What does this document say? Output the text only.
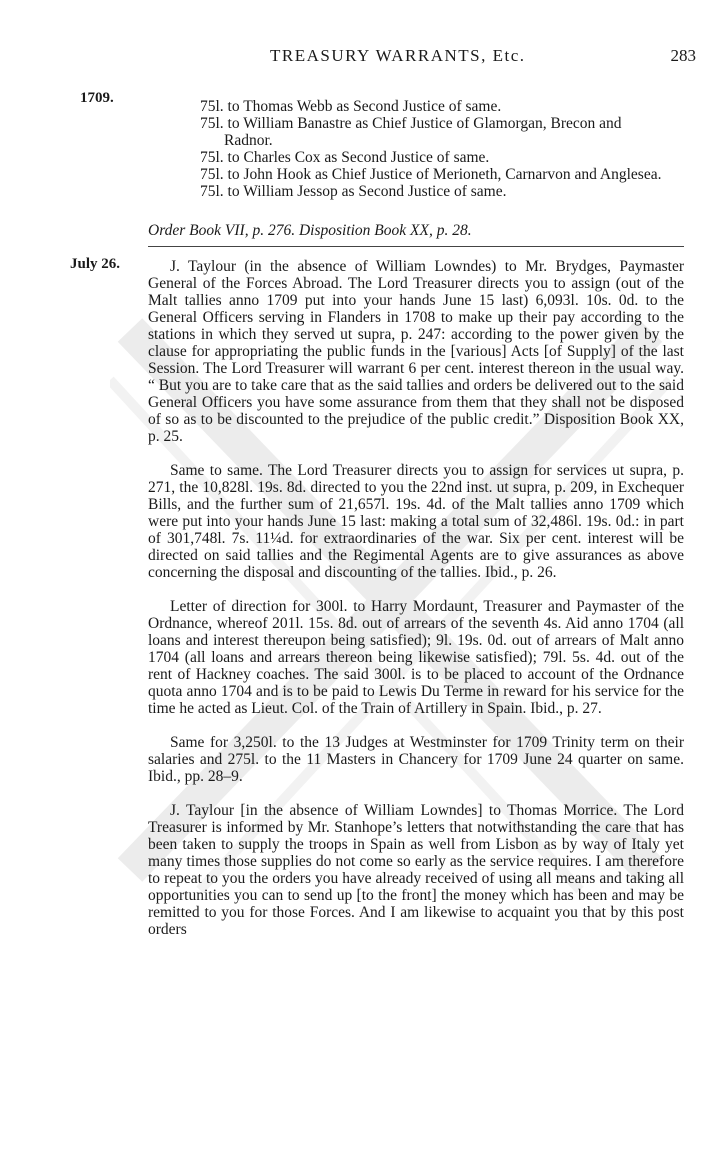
TREASURY WARRANTS, Etc.	283
1709.	75l. to Thomas Webb as Second Justice of same.
75l. to William Banastre as Chief Justice of Glamorgan, Brecon and Radnor.
75l. to Charles Cox as Second Justice of same.
75l. to John Hook as Chief Justice of Merioneth, Carnarvon and Anglesea.
75l. to William Jessop as Second Justice of same.
Order Book VII, p. 276. Disposition Book XX, p. 28.
July 26.	J. Taylour (in the absence of William Lowndes) to Mr. Brydges, Paymaster General of the Forces Abroad. The Lord Treasurer directs you to assign (out of the Malt tallies anno 1709 put into your hands June 15 last) 6,093l. 10s. 0d. to the General Officers serving in Flanders in 1708 to make up their pay according to the stations in which they served ut supra, p. 247: according to the power given by the clause for appropriating the public funds in the [various] Acts [of Supply] of the last Session. The Lord Treasurer will warrant 6 per cent. interest thereon in the usual way. “ But you are to take care that as the said tallies and orders be delivered out to the said General Officers you have some assurance from them that they shall not be disposed of so as to be discounted to the prejudice of the public credit.” Disposition Book XX, p. 25.

Same to same. The Lord Treasurer directs you to assign for services ut supra, p. 271, the 10,828l. 19s. 8d. directed to you the 22nd inst. ut supra, p. 209, in Exchequer Bills, and the further sum of 21,657l. 19s. 4d. of the Malt tallies anno 1709 which were put into your hands June 15 last: making a total sum of 32,486l. 19s. 0d.: in part of 301,748l. 7s. 11¼d. for extraordinaries of the war. Six per cent. interest will be directed on said tallies and the Regimental Agents are to give assurances as above concerning the disposal and discounting of the tallies. Ibid., p. 26.

Letter of direction for 300l. to Harry Mordaunt, Treasurer and Paymaster of the Ordnance, whereof 201l. 15s. 8d. out of arrears of the seventh 4s. Aid anno 1704 (all loans and interest thereupon being satisfied); 9l. 19s. 0d. out of arrears of Malt anno 1704 (all loans and arrears thereon being likewise satisfied); 79l. 5s. 4d. out of the rent of Hackney coaches. The said 300l. is to be placed to account of the Ordnance quota anno 1704 and is to be paid to Lewis Du Terme in reward for his service for the time he acted as Lieut. Col. of the Train of Artillery in Spain. Ibid., p. 27.

Same for 3,250l. to the 13 Judges at Westminster for 1709 Trinity term on their salaries and 275l. to the 11 Masters in Chancery for 1709 June 24 quarter on same. Ibid., pp. 28–9.

J. Taylour [in the absence of William Lowndes] to Thomas Morrice. The Lord Treasurer is informed by Mr. Stanhope’s letters that notwithstanding the care that has been taken to supply the troops in Spain as well from Lisbon as by way of Italy yet many times those supplies do not come so early as the service requires. I am therefore to repeat to you the orders you have already received of using all means and taking all opportunities you can to send up [to the front] the money which has been and may be remitted to you for those Forces. And I am likewise to acquaint you that by this post orders
